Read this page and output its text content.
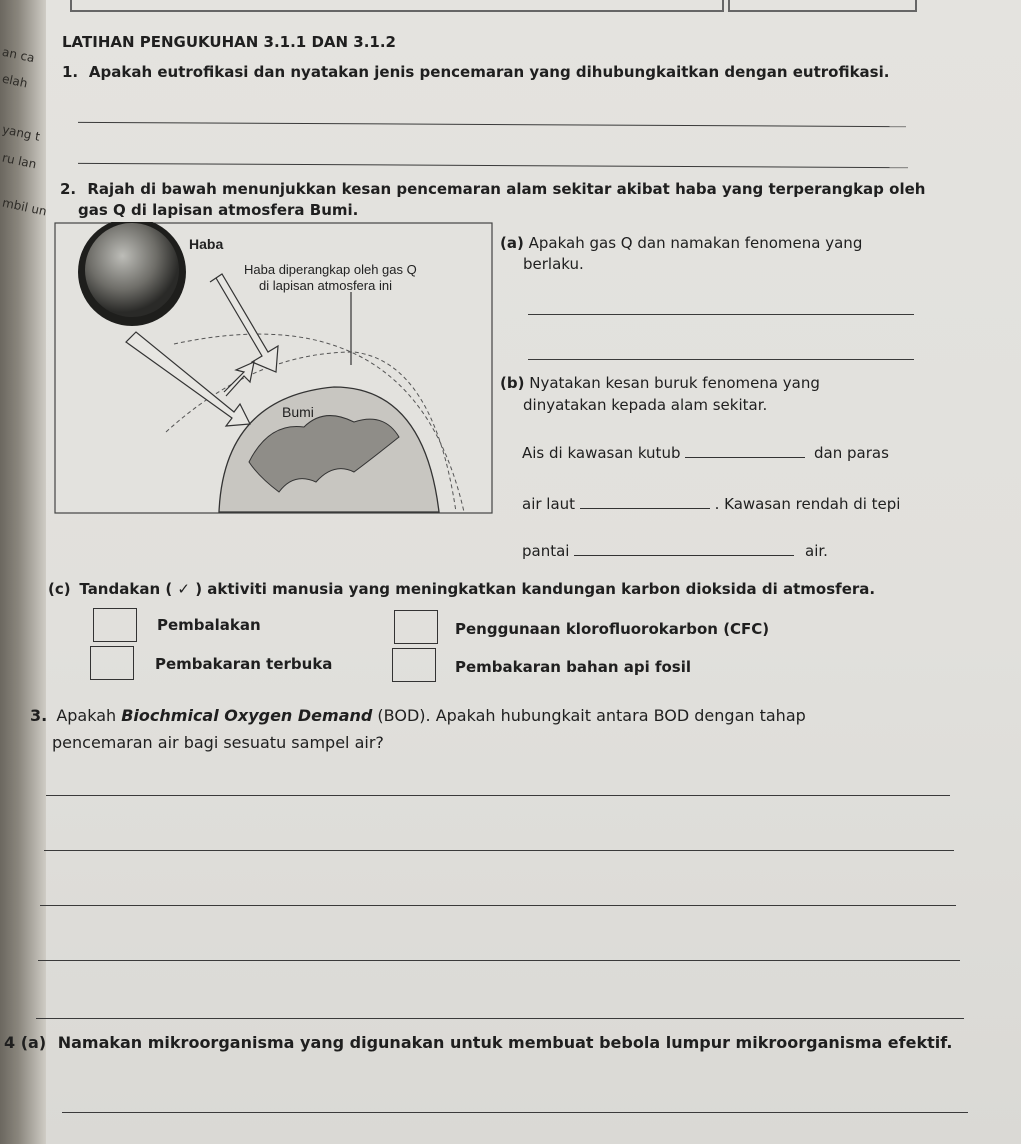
an ca
elah
yang t
ru lan
mbil un
LATIHAN PENGUKUHAN 3.1.1 DAN 3.1.2
1. Apakah eutrofikasi dan nyatakan jenis pencemaran yang dihubungkaitkan dengan eutrofikasi.
2. Rajah di bawah menunjukkan kesan pencemaran alam sekitar akibat haba yang terperangkap oleh
gas Q di lapisan atmosfera Bumi.
Haba
Haba diperangkap oleh gas Q
di lapisan atmosfera ini
Bumi
(a) Apakah gas Q dan namakan fenomena yang
berlaku.
(b) Nyatakan kesan buruk fenomena yang
dinyatakan kepada alam sekitar.
Ais di kawasan kutub	dan paras
air laut	. Kawasan rendah di tepi
pantai	air.
(c) Tandakan ( ✓ ) aktiviti manusia yang meningkatkan kandungan karbon dioksida di atmosfera.
Pembalakan	Penggunaan klorofluorokarbon (CFC)
Pembakaran terbuka	Pembakaran bahan api fosil
3. Apakah Biochmical Oxygen Demand (BOD). Apakah hubungkait antara BOD dengan tahap
pencemaran air bagi sesuatu sampel air?
4 (a) Namakan mikroorganisma yang digunakan untuk membuat bebola lumpur mikroorganisma efektif.
